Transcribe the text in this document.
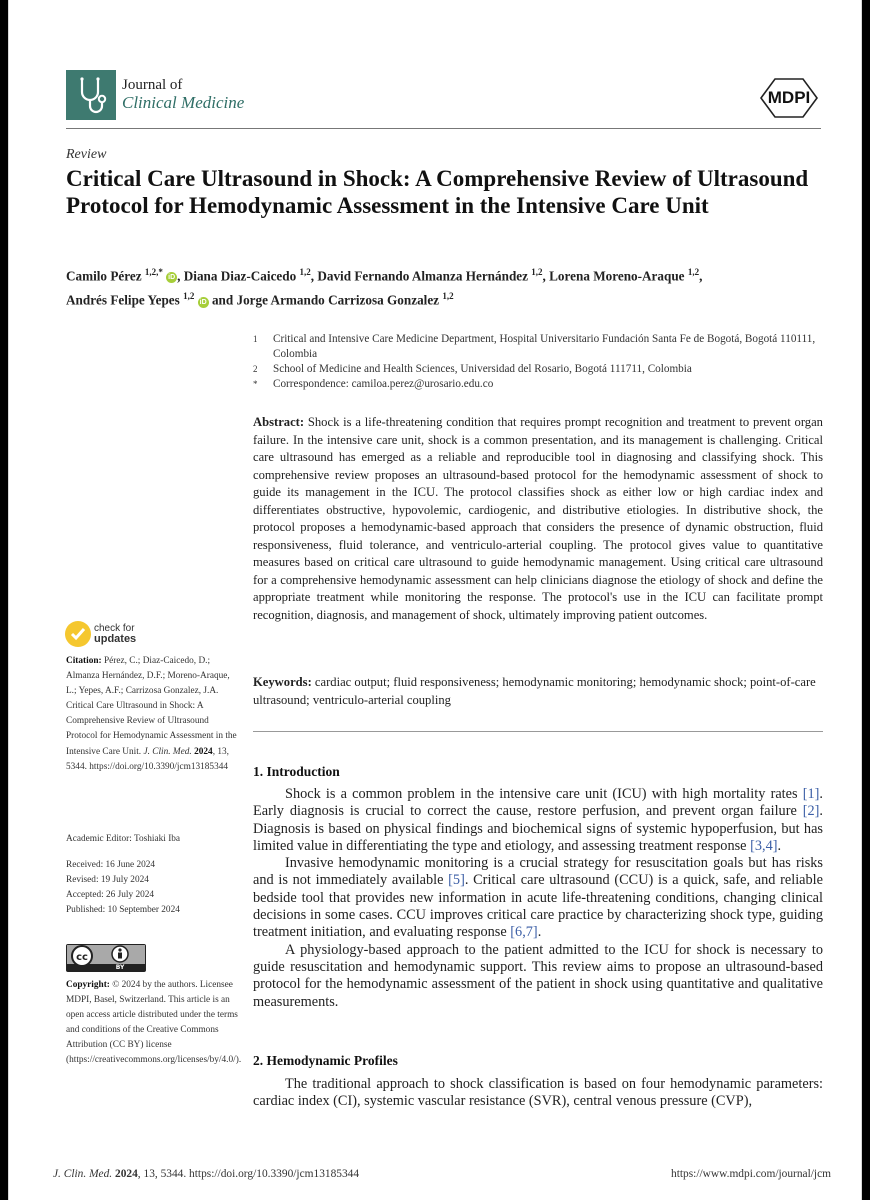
Journal of
Clinical Medicine	MDPI
Review
Critical Care Ultrasound in Shock: A Comprehensive Review of Ultrasound Protocol for Hemodynamic Assessment in the Intensive Care Unit
Camilo Pérez $^{1,2,*}$ iD , Diana Diaz-Caicedo $^{1,2}$, David Fernando Almanza Hernández $^{1,2}$, Lorena Moreno-Araque $^{1,2}$,
Andrés Felipe Yepes $^{1,2}$ iD and Jorge Armando Carrizosa Gonzalez $^{1,2}$
1	Critical and Intensive Care Medicine Department, Hospital Universitario Fundación Santa Fe de Bogotá, Bogotá 110111, Colombia
2	School of Medicine and Health Sciences, Universidad del Rosario, Bogotá 111711, Colombia
*	Correspondence: camiloa.perez@urosario.edu.co
Abstract: Shock is a life-threatening condition that requires prompt recognition and treatment to prevent organ failure. In the intensive care unit, shock is a common presentation, and its management is challenging. Critical care ultrasound has emerged as a reliable and reproducible tool in diagnosing and classifying shock. This comprehensive review proposes an ultrasound-based protocol for the hemodynamic assessment of shock to guide its management in the ICU. The protocol classifies shock as either low or high cardiac index and differentiates obstructive, hypovolemic, cardiogenic, and distributive etiologies. In distributive shock, the protocol proposes a hemodynamic-based approach that considers the presence of dynamic obstruction, fluid responsiveness, fluid tolerance, and ventriculo-arterial coupling. The protocol gives value to quantitative measures based on critical care ultrasound to guide hemodynamic management. Using critical care ultrasound for a comprehensive hemodynamic assessment can help clinicians diagnose the etiology of shock and define the appropriate treatment while monitoring the response. The protocol's use in the ICU can facilitate prompt recognition, diagnosis, and management of shock, ultimately improving patient outcomes.
Keywords: cardiac output; fluid responsiveness; hemodynamic monitoring; hemodynamic shock; point-of-care ultrasound; ventriculo-arterial coupling
1. Introduction

Shock is a common problem in the intensive care unit (ICU) with high mortality rates [1]. Early diagnosis is crucial to correct the cause, restore perfusion, and prevent organ failure [2]. Diagnosis is based on physical findings and biochemical signs of systemic hypoperfusion, but has limited value in differentiating the type and etiology, and assessing treatment response [3,4].

Invasive hemodynamic monitoring is a crucial strategy for resuscitation goals but has risks and is not immediately available [5]. Critical care ultrasound (CCU) is a quick, safe, and reliable bedside tool that provides new information in acute life-threatening conditions, changing clinical decisions in some cases. CCU improves critical care practice by characterizing shock type, guiding treatment initiation, and evaluating response [6,7].

A physiology-based approach to the patient admitted to the ICU for shock is necessary to guide resuscitation and hemodynamic support. This review aims to propose an ultrasound-based protocol for the hemodynamic assessment of the patient in shock using quantitative and qualitative measurements.

2. Hemodynamic Profiles

The traditional approach to shock classification is based on four hemodynamic parameters: cardiac index (CI), systemic vascular resistance (SVR), central venous pressure (CVP),

check for
updates
Citation: Pérez, C.; Diaz-Caicedo, D.; Almanza Hernández, D.F.; Moreno-Araque, L.; Yepes, A.F.; Carrizosa Gonzalez, J.A. Critical Care Ultrasound in Shock: A Comprehensive Review of Ultrasound Protocol for Hemodynamic Assessment in the Intensive Care Unit. J. Clin. Med. 2024, 13, 5344. https://doi.org/10.3390/jcm13185344
Academic Editor: Toshiaki Iba
Received: 16 June 2024
Revised: 19 July 2024
Accepted: 26 July 2024
Published: 10 September 2024
cc
BY
Copyright: © 2024 by the authors. Licensee MDPI, Basel, Switzerland. This article is an open access article distributed under the terms and conditions of the Creative Commons Attribution (CC BY) license (https://creativecommons.org/licenses/by/4.0/).
J. Clin. Med. 2024, 13, 5344. https://doi.org/10.3390/jcm13185344	https://www.mdpi.com/journal/jcm
